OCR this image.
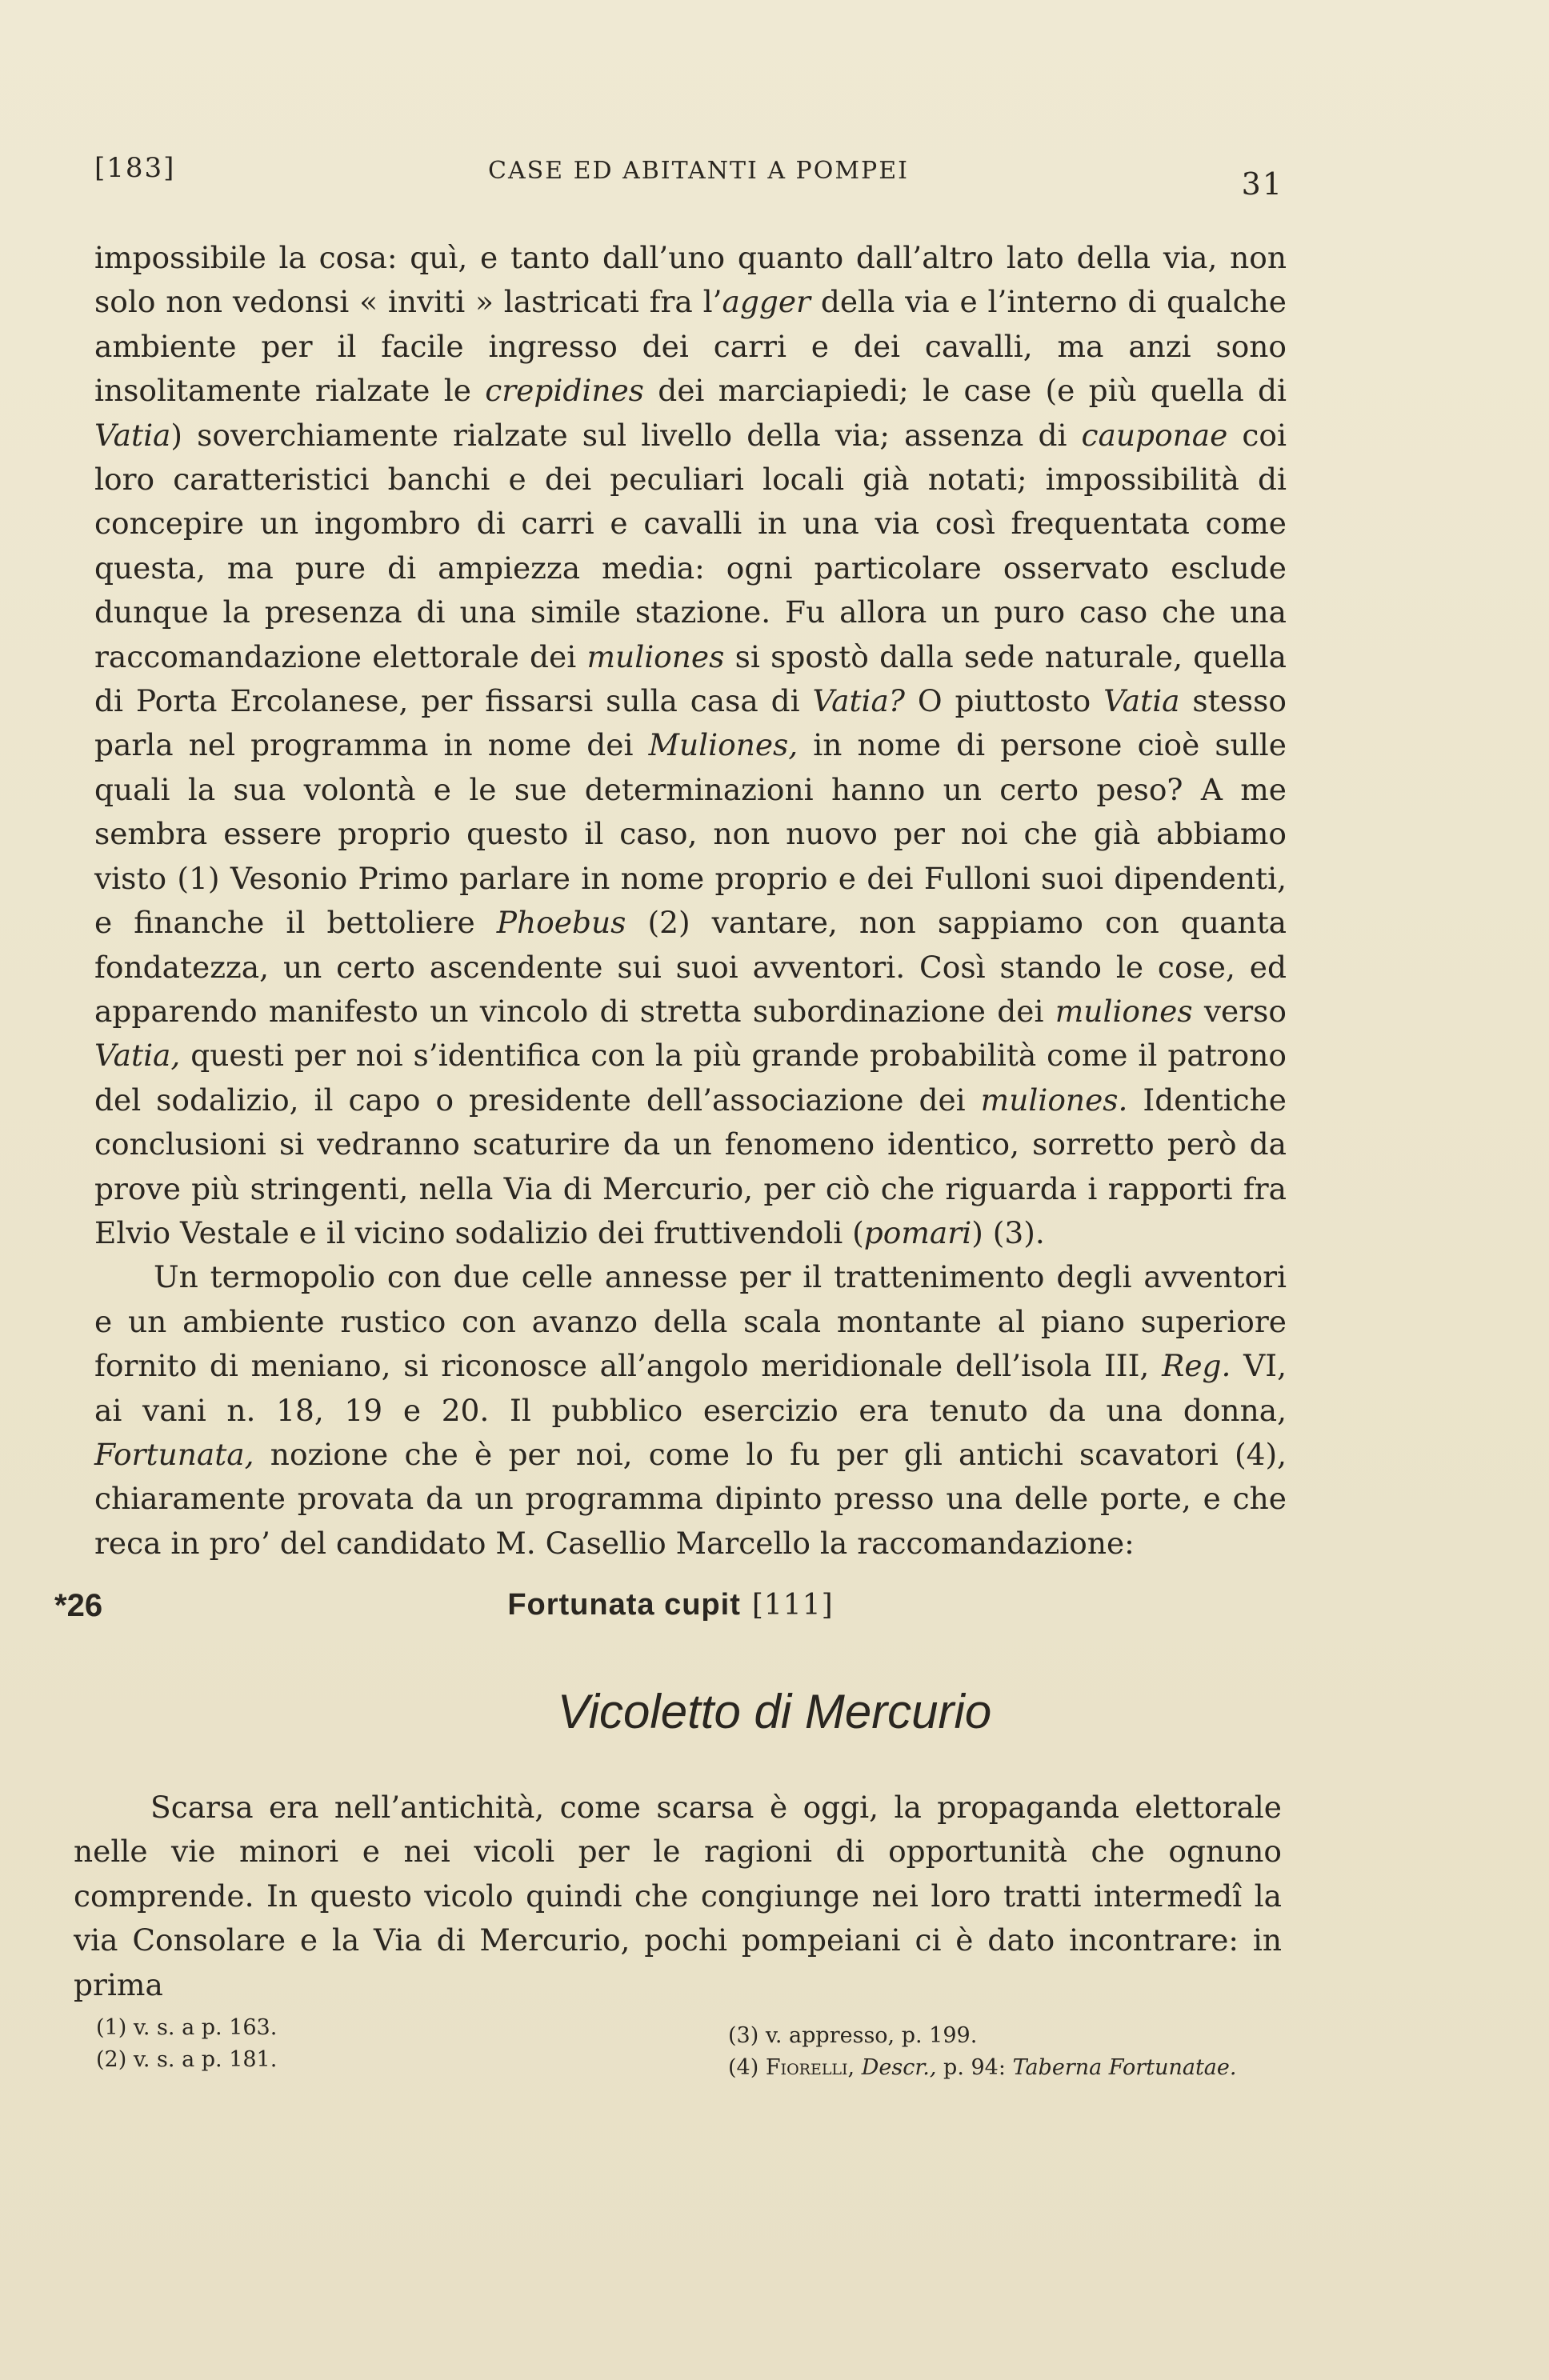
[183]	CASE ED ABITANTI A POMPEI	31

impossibile la cosa: quì, e tanto dall’uno quanto dall’altro lato della via, non solo non vedonsi « inviti » lastricati fra l’agger della via e l’interno di qualche ambiente per il facile ingresso dei carri e dei cavalli, ma anzi sono insolitamente rialzate le crepidines dei marciapiedi; le case (e più quella di Vatia) soverchiamente rialzate sul livello della via; assenza di cauponae coi loro caratteristici banchi e dei peculiari locali già notati; impossibilità di concepire un ingombro di carri e cavalli in una via così frequentata come questa, ma pure di ampiezza media: ogni particolare osservato esclude dunque la presenza di una simile stazione. Fu allora un puro caso che una raccomandazione elettorale dei muliones si spostò dalla sede naturale, quella di Porta Ercolanese, per fissarsi sulla casa di Vatia? O piuttosto Vatia stesso parla nel programma in nome dei Muliones, in nome di persone cioè sulle quali la sua volontà e le sue determinazioni hanno un certo peso? A me sembra essere proprio questo il caso, non nuovo per noi che già abbiamo visto (1) Vesonio Primo parlare in nome proprio e dei Fulloni suoi dipendenti, e finanche il bettoliere Phoebus (2) vantare, non sappiamo con quanta fondatezza, un certo ascendente sui suoi avventori. Così stando le cose, ed apparendo manifesto un vincolo di stretta subordinazione dei muliones verso Vatia, questi per noi s’identifica con la più grande probabilità come il patrono del sodalizio, il capo o presidente dell’associazione dei muliones. Identiche conclusioni si vedranno scaturire da un fenomeno identico, sorretto però da prove più stringenti, nella Via di Mercurio, per ciò che riguarda i rapporti fra Elvio Vestale e il vicino sodalizio dei fruttivendoli (pomari) (3).

Un termopolio con due celle annesse per il trattenimento degli avventori e un ambiente rustico con avanzo della scala montante al piano superiore fornito di meniano, si riconosce all’angolo meridionale dell’isola III, Reg. VI, ai vani n. 18, 19 e 20. Il pubblico esercizio era tenuto da una donna, Fortunata, nozione che è per noi, come lo fu per gli antichi scavatori (4), chiaramente provata da un programma dipinto presso una delle porte, e che reca in pro’ del candidato M. Casellio Marcello la raccomandazione:

*26	Fortunata cupit [111]
Vicoletto di Mercurio

Scarsa era nell’antichità, come scarsa è oggi, la propaganda elettorale nelle vie minori e nei vicoli per le ragioni di opportunità che ognuno comprende. In questo vicolo quindi che congiunge nei loro tratti intermedî la via Consolare e la Via di Mercurio, pochi pompeiani ci è dato incontrare: in prima

(1) v. s. a p. 163.
(2) v. s. a p. 181.
(3) v. appresso, p. 199.
(4) Fiorelli, Descr., p. 94: Taberna Fortunatae.
